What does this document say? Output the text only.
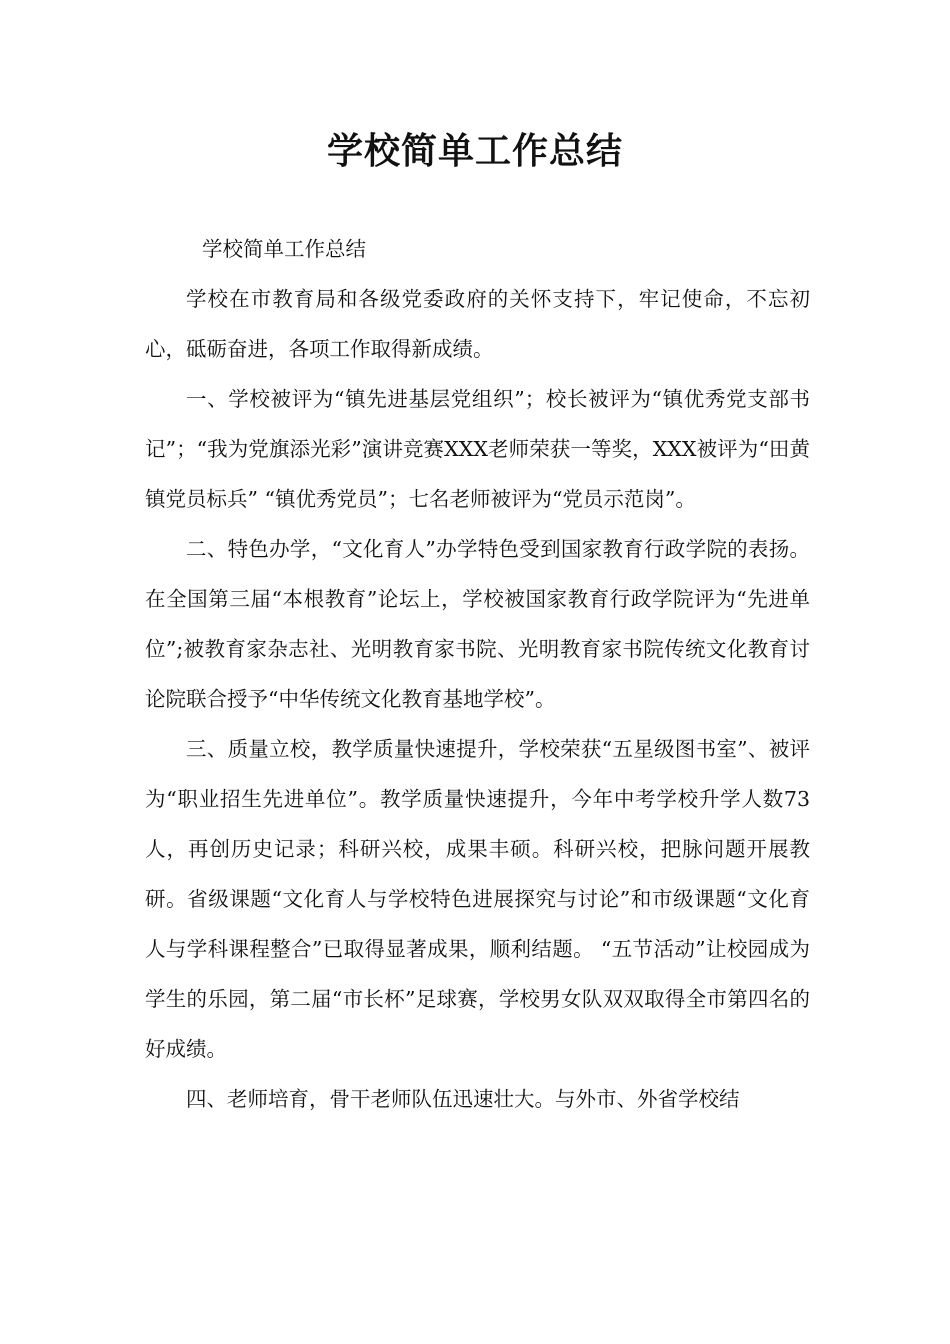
学校简单工作总结

学校简单工作总结

学校在市教育局和各级党委政府的关怀支持下，牢记使命，不忘初心，砥砺奋进，各项工作取得新成绩。

一、学校被评为“镇先进基层党组织”；校长被评为“镇优秀党支部书记”；“我为党旗添光彩”演讲竞赛XXX老师荣获一等奖，XXX被评为“田黄镇党员标兵” “镇优秀党员”；七名老师被评为“党员示范岗”。

二、特色办学，“文化育人”办学特色受到国家教育行政学院的表扬。在全国第三届“本根教育”论坛上，学校被国家教育行政学院评为“先进单位”;被教育家杂志社、光明教育家书院、光明教育家书院传统文化教育讨论院联合授予“中华传统文化教育基地学校”。

三、质量立校，教学质量快速提升，学校荣获“五星级图书室”、被评为“职业招生先进单位”。教学质量快速提升，今年中考学校升学人数73人，再创历史记录；科研兴校，成果丰硕。科研兴校，把脉问题开展教研。省级课题“文化育人与学校特色进展探究与讨论”和市级课题“文化育人与学科课程整合”已取得显著成果，顺利结题。 “五节活动”让校园成为学生的乐园，第二届“市长杯”足球赛，学校男女队双双取得全市第四名的好成绩。

四、老师培育，骨干老师队伍迅速壮大。与外市、外省学校结
